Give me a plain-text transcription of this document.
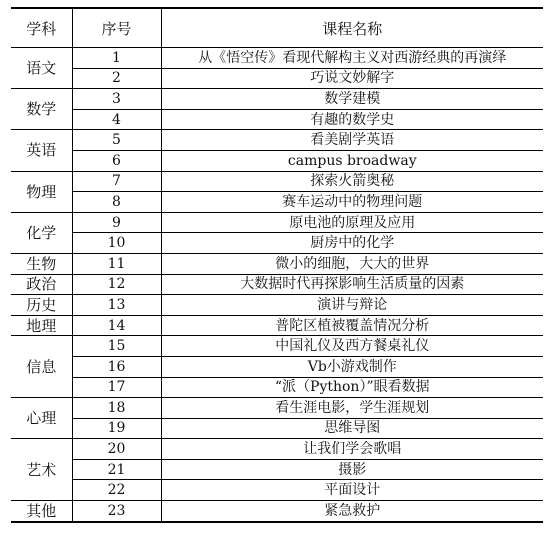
学科	序号	课程名称
语文	1	从《悟空传》看现代解构主义对西游经典的再演绎
	2	巧说文妙解字
数学	3	数学建模
	4	有趣的数学史
英语	5	看美剧学英语
	6	campus broadway
物理	7	探索火箭奥秘
	8	赛车运动中的物理问题
化学	9	原电池的原理及应用
	10	厨房中的化学
生物	11	微小的细胞，大大的世界
政治	12	大数据时代再探影响生活质量的因素
历史	13	演讲与辩论
地理	14	普陀区植被覆盖情况分析
信息	15	中国礼仪及西方餐桌礼仪
	16	Vb小游戏制作
	17	“派（Python）”眼看数据
心理	18	看生涯电影，学生涯规划
	19	思维导图
艺术	20	让我们学会歌唱
	21	摄影
	22	平面设计
其他	23	紧急救护
